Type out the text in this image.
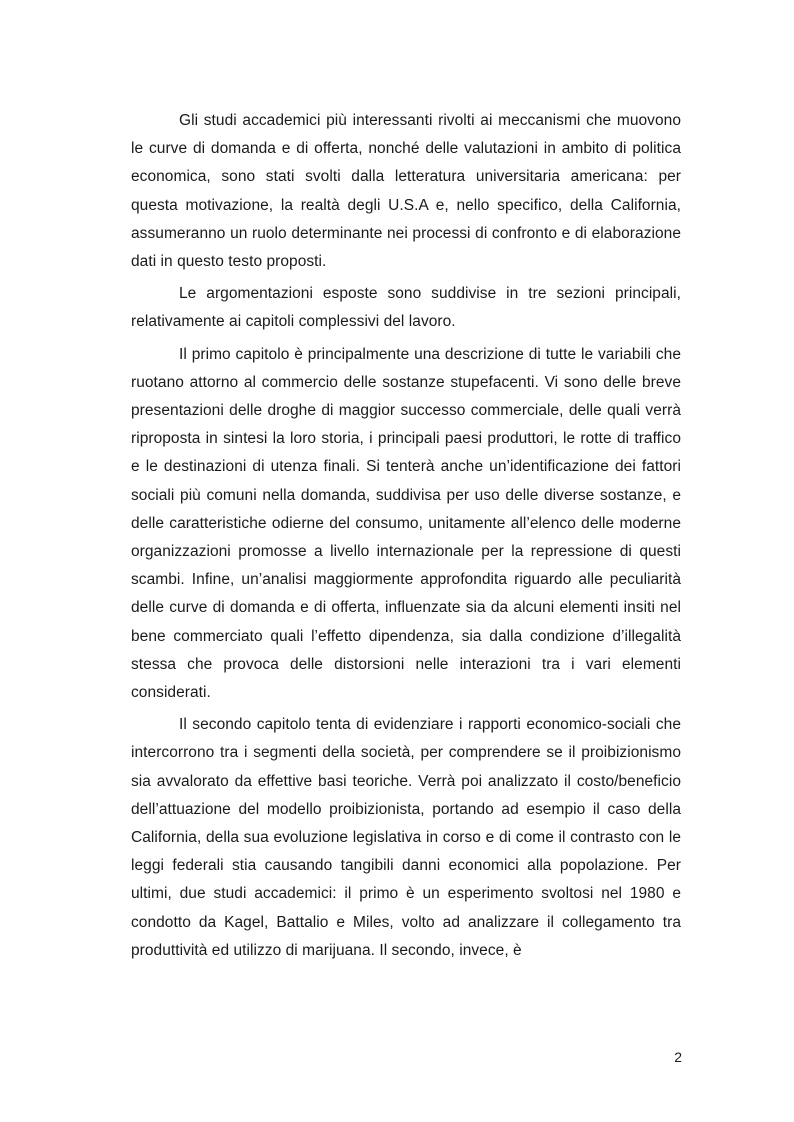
Gli studi accademici più interessanti rivolti ai meccanismi che muovono le curve di domanda e di offerta, nonché delle valutazioni in ambito di politica economica, sono stati svolti dalla letteratura universitaria americana: per questa motivazione, la realtà degli U.S.A e, nello specifico, della California, assumeranno un ruolo determinante nei processi di confronto e di elaborazione dati in questo testo proposti.

Le argomentazioni esposte sono suddivise in tre sezioni principali, relativamente ai capitoli complessivi del lavoro.

Il primo capitolo è principalmente una descrizione di tutte le variabili che ruotano attorno al commercio delle sostanze stupefacenti. Vi sono delle breve presentazioni delle droghe di maggior successo commerciale, delle quali verrà riproposta in sintesi la loro storia, i principali paesi produttori, le rotte di traffico e le destinazioni di utenza finali. Si tenterà anche un’identificazione dei fattori sociali più comuni nella domanda, suddivisa per uso delle diverse sostanze, e delle caratteristiche odierne del consumo, unitamente all’elenco delle moderne organizzazioni promosse a livello internazionale per la repressione di questi scambi. Infine, un’analisi maggiormente approfondita riguardo alle peculiarità delle curve di domanda e di offerta, influenzate sia da alcuni elementi insiti nel bene commerciato quali l’effetto dipendenza, sia dalla condizione d’illegalità stessa che provoca delle distorsioni nelle interazioni tra i vari elementi considerati.

Il secondo capitolo tenta di evidenziare i rapporti economico-sociali che intercorrono tra i segmenti della società, per comprendere se il proibizionismo sia avvalorato da effettive basi teoriche. Verrà poi analizzato il costo/beneficio dell’attuazione del modello proibizionista, portando ad esempio il caso della California, della sua evoluzione legislativa in corso e di come il contrasto con le leggi federali stia causando tangibili danni economici alla popolazione. Per ultimi, due studi accademici: il primo è un esperimento svoltosi nel 1980 e condotto da Kagel, Battalio e Miles, volto ad analizzare il collegamento tra produttività ed utilizzo di marijuana. Il secondo, invece, è

2
